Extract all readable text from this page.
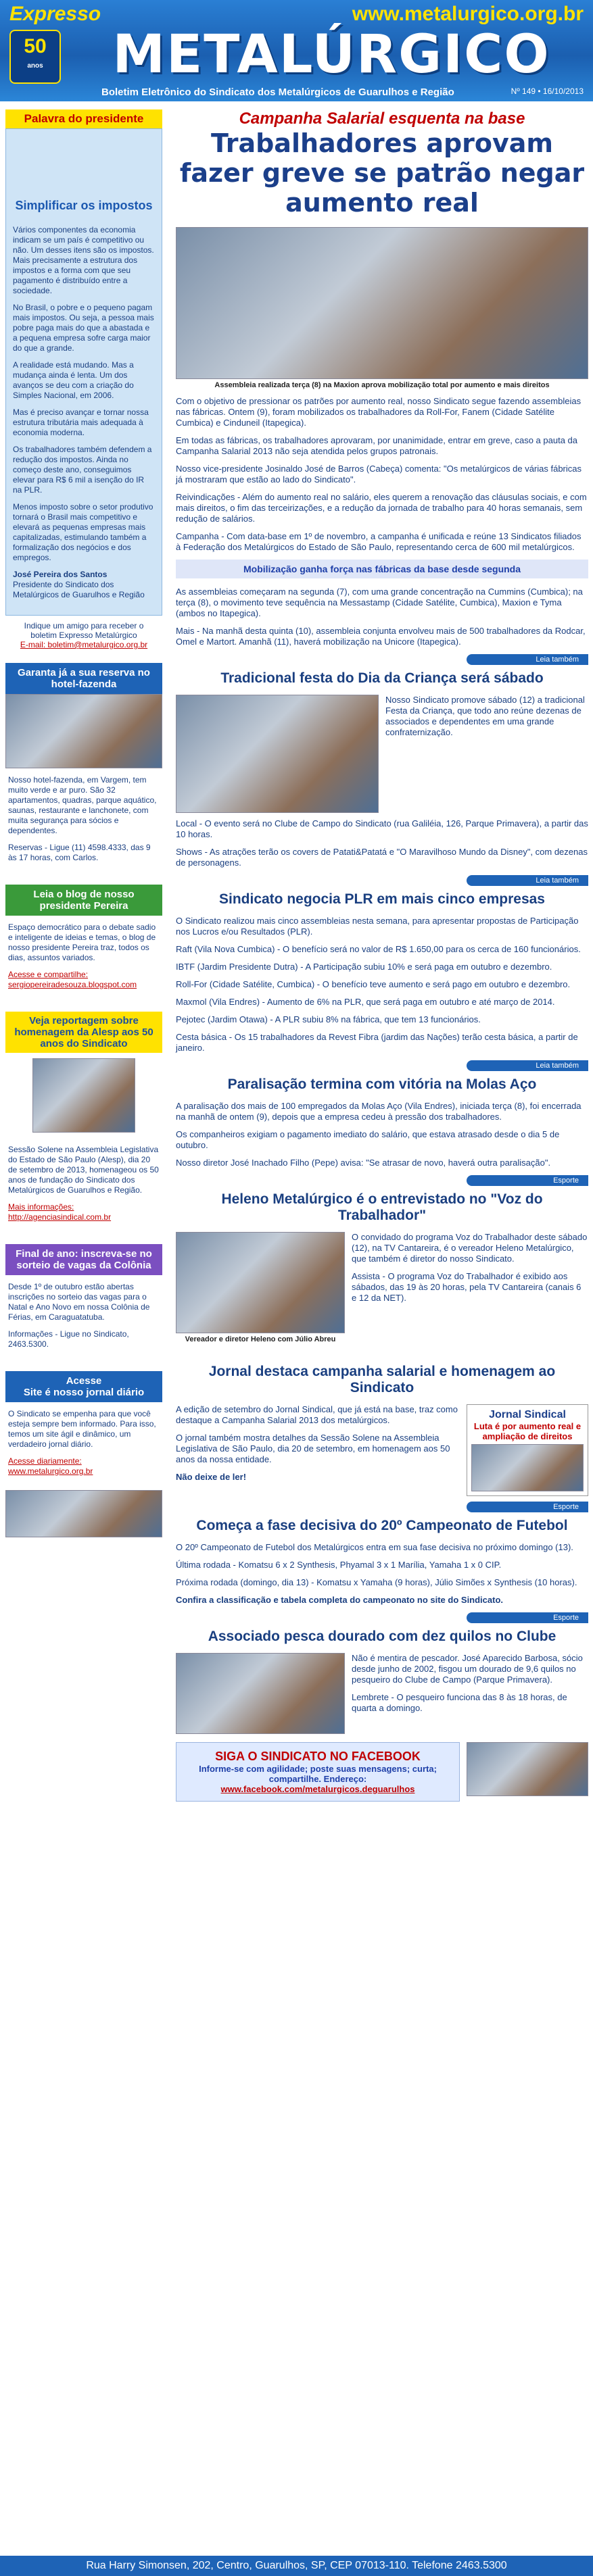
Expresso	www.metalurgico.org.br
50
anos	METALÚRGICO
Boletim Eletrônico do Sindicato dos Metalúrgicos de Guarulhos e Região	Nº 149 • 16/10/2013
Palavra do presidente
Simplificar os impostos

Vários componentes da economia indicam se um país é competitivo ou não. Um desses itens são os impostos. Mais precisamente a estrutura dos impostos e a forma com que seu pagamento é distribuído entre a sociedade.

No Brasil, o pobre e o pequeno pagam mais impostos. Ou seja, a pessoa mais pobre paga mais do que a abastada e a pequena empresa sofre carga maior do que a grande.

A realidade está mudando. Mas a mudança ainda é lenta. Um dos avanços se deu com a criação do Simples Nacional, em 2006.

Mas é preciso avançar e tornar nossa estrutura tributária mais adequada à economia moderna.

Os trabalhadores também defendem a redução dos impostos. Ainda no começo deste ano, conseguimos elevar para R$ 6 mil a isenção do IR na PLR.

Menos imposto sobre o setor produtivo tornará o Brasil mais competitivo e elevará as pequenas empresas mais capitalizadas, estimulando também a formalização dos negócios e dos empregos.

José Pereira dos Santos
Presidente do Sindicato dos Metalúrgicos de Guarulhos e Região

Indique um amigo para receber o boletim Expresso Metalúrgico
E-mail: boletim@metalurgico.org.br
Garanta já a sua reserva no hotel-fazenda

Nosso hotel-fazenda, em Vargem, tem muito verde e ar puro. São 32 apartamentos, quadras, parque aquático, saunas, restaurante e lanchonete, com muita segurança para sócios e dependentes.

Reservas - Ligue (11) 4598.4333, das 9 às 17 horas, com Carlos.

Leia o blog de nosso presidente Pereira

Espaço democrático para o debate sadio e inteligente de ideias e temas, o blog de nosso presidente Pereira traz, todos os dias, assuntos variados.

Acesse e compartilhe: sergiopereiradesouza.blogspot.com

Veja reportagem sobre homenagem da Alesp aos 50 anos do Sindicato

Sessão Solene na Assembleia Legislativa do Estado de São Paulo (Alesp), dia 20 de setembro de 2013, homenageou os 50 anos de fundação do Sindicato dos Metalúrgicos de Guarulhos e Região.

Mais informações: http://agenciasindical.com.br

Final de ano: inscreva-se no sorteio de vagas da Colônia

Desde 1º de outubro estão abertas inscrições no sorteio das vagas para o Natal e Ano Novo em nossa Colônia de Férias, em Caraguatatuba.

Informações - Ligue no Sindicato, 2463.5300.

Acesse
Site é nosso jornal diário

O Sindicato se empenha para que você esteja sempre bem informado. Para isso, temos um site ágil e dinâmico, um verdadeiro jornal diário.

Acesse diariamente: www.metalurgico.org.br

Campanha Salarial esquenta na base
Trabalhadores aprovam fazer greve se patrão negar aumento real
Assembleia realizada terça (8) na Maxion aprova mobilização total por aumento e mais direitos

Com o objetivo de pressionar os patrões por aumento real, nosso Sindicato segue fazendo assembleias nas fábricas. Ontem (9), foram mobilizados os trabalhadores da Roll-For, Fanem (Cidade Satélite Cumbica) e Cinduneil (Itapegica).

Em todas as fábricas, os trabalhadores aprovaram, por unanimidade, entrar em greve, caso a pauta da Campanha Salarial 2013 não seja atendida pelos grupos patronais.

Nosso vice-presidente Josinaldo José de Barros (Cabeça) comenta: "Os metalúrgicos de várias fábricas já mostraram que estão ao lado do Sindicato".

Reivindicações - Além do aumento real no salário, eles querem a renovação das cláusulas sociais, e com mais direitos, o fim das terceirizações, e a redução da jornada de trabalho para 40 horas semanais, sem redução de salários.

Campanha - Com data-base em 1º de novembro, a campanha é unificada e reúne 13 Sindicatos filiados à Federação dos Metalúrgicos do Estado de São Paulo, representando cerca de 600 mil metalúrgicos.

Mobilização ganha força nas fábricas da base desde segunda

As assembleias começaram na segunda (7), com uma grande concentração na Cummins (Cumbica); na terça (8), o movimento teve sequência na Messastamp (Cidade Satélite, Cumbica), Maxion e Tyma (ambos no Itapegica).

Mais - Na manhã desta quinta (10), assembleia conjunta envolveu mais de 500 trabalhadores da Rodcar, Omel e Martort. Amanhã (11), haverá mobilização na Unicore (Itapegica).

Leia também
Tradicional festa do Dia da Criança será sábado

Nosso Sindicato promove sábado (12) a tradicional Festa da Criança, que todo ano reúne dezenas de associados e dependentes em uma grande confraternização.

Local - O evento será no Clube de Campo do Sindicato (rua Galiléia, 126, Parque Primavera), a partir das 10 horas.

Shows - As atrações terão os covers de Patati&Patatá e "O Maravilhoso Mundo da Disney", com dezenas de personagens.

Leia também
Sindicato negocia PLR em mais cinco empresas

O Sindicato realizou mais cinco assembleias nesta semana, para apresentar propostas de Participação nos Lucros e/ou Resultados (PLR).

Raft (Vila Nova Cumbica) - O benefício será no valor de R$ 1.650,00 para os cerca de 160 funcionários.

IBTF (Jardim Presidente Dutra) - A Participação subiu 10% e será paga em outubro e dezembro.

Roll-For (Cidade Satélite, Cumbica) - O benefício teve aumento e será pago em outubro e dezembro.

Maxmol (Vila Endres) - Aumento de 6% na PLR, que será paga em outubro e até março de 2014.

Pejotec (Jardim Otawa) - A PLR subiu 8% na fábrica, que tem 13 funcionários.

Cesta básica - Os 15 trabalhadores da Revest Fibra (jardim das Nações) terão cesta básica, a partir de janeiro.

Leia também
Paralisação termina com vitória na Molas Aço

A paralisação dos mais de 100 empregados da Molas Aço (Vila Endres), iniciada terça (8), foi encerrada na manhã de ontem (9), depois que a empresa cedeu à pressão dos trabalhadores.

Os companheiros exigiam o pagamento imediato do salário, que estava atrasado desde o dia 5 de outubro.

Nosso diretor José Inachado Filho (Pepe) avisa: "Se atrasar de novo, haverá outra paralisação".

Esporte
Heleno Metalúrgico é o entrevistado no "Voz do Trabalhador"
Vereador e diretor Heleno com Júlio Abreu

O convidado do programa Voz do Trabalhador deste sábado (12), na TV Cantareira, é o vereador Heleno Metalúrgico, que também é diretor do nosso Sindicato.

Assista - O programa Voz do Trabalhador é exibido aos sábados, das 19 às 20 horas, pela TV Cantareira (canais 6 e 12 da NET).

Jornal destaca campanha salarial e homenagem ao Sindicato

A edição de setembro do Jornal Sindical, que já está na base, traz como destaque a Campanha Salarial 2013 dos metalúrgicos.

O jornal também mostra detalhes da Sessão Solene na Assembleia Legislativa de São Paulo, dia 20 de setembro, em homenagem aos 50 anos da nossa entidade.

Não deixe de ler!

Jornal Sindical
Luta é por aumento real e ampliação de direitos
Esporte
Começa a fase decisiva do 20º Campeonato de Futebol

O 20º Campeonato de Futebol dos Metalúrgicos entra em sua fase decisiva no próximo domingo (13).

Última rodada - Komatsu 6 x 2 Synthesis, Phyamal 3 x 1 Marília, Yamaha 1 x 0 CIP.

Próxima rodada (domingo, dia 13) - Komatsu x Yamaha (9 horas), Júlio Simões x Synthesis (10 horas).

Confira a classificação e tabela completa do campeonato no site do Sindicato.

Esporte
Associado pesca dourado com dez quilos no Clube

Não é mentira de pescador. José Aparecido Barbosa, sócio desde junho de 2002, fisgou um dourado de 9,6 quilos no pesqueiro do Clube de Campo (Parque Primavera).

Lembrete - O pesqueiro funciona das 8 às 18 horas, de quarta a domingo.

SIGA O SINDICATO NO FACEBOOK
Informe-se com agilidade; poste suas mensagens; curta; compartilhe. Endereço:
www.facebook.com/metalurgicos.deguarulhos
Rua Harry Simonsen, 202, Centro, Guarulhos, SP, CEP 07013-110. Telefone 2463.5300
